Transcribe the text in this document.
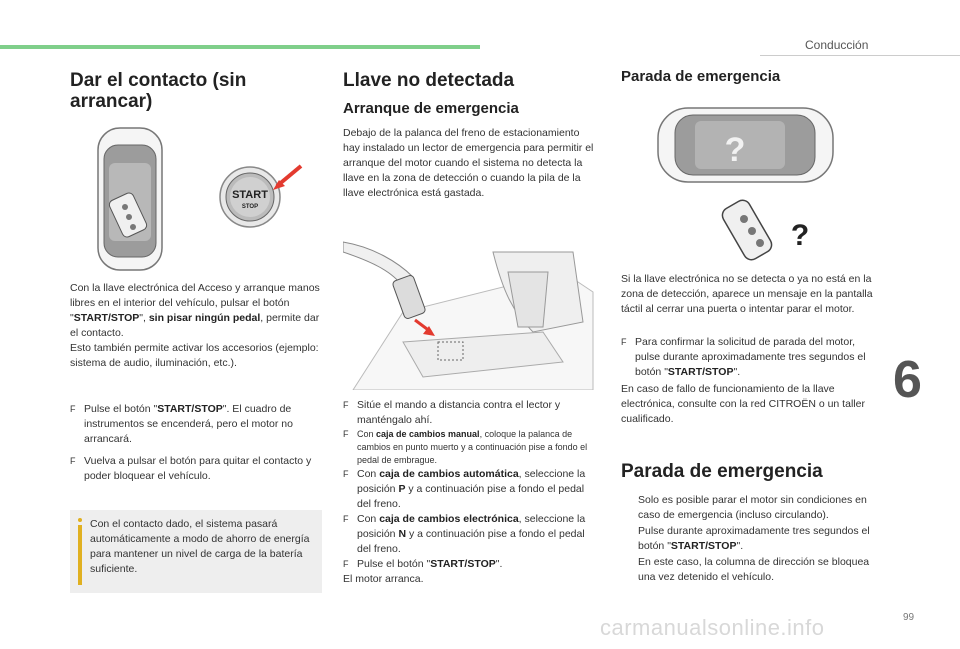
Conducción
6
99
carmanualsonline.info
Dar el contacto (sin arrancar)
START
STOP
Con la llave electrónica del Acceso y arranque manos libres en el interior del vehículo, pulsar el botón "START/STOP", sin pisar ningún pedal, permite dar el contacto.
Esto también permite activar los accesorios (ejemplo: sistema de audio, iluminación, etc.).
F Pulse el botón "START/STOP". El cuadro de instrumentos se encenderá, pero el motor no arrancará.
F Vuelva a pulsar el botón para quitar el contacto y poder bloquear el vehículo.
Con el contacto dado, el sistema pasará automáticamente a modo de ahorro de energía para mantener un nivel de carga de la batería suficiente.
Llave no detectada
Arranque de emergencia
Debajo de la palanca del freno de estacionamiento hay instalado un lector de emergencia para permitir el arranque del motor cuando el sistema no detecta la llave en la zona de detección o cuando la pila de la llave electrónica está gastada.
F Sitúe el mando a distancia contra el lector y manténgalo ahí.
F Con caja de cambios manual, coloque la palanca de cambios en punto muerto y a continuación pise a fondo el pedal de embrague.
F Con caja de cambios automática, seleccione la posición P y a continuación pise a fondo el pedal del freno.
F Con caja de cambios electrónica, seleccione la posición N y a continuación pise a fondo el pedal del freno.
F Pulse el botón "START/STOP".
El motor arranca.
Parada de emergencia
?
?
Si la llave electrónica no se detecta o ya no está en la zona de detección, aparece un mensaje en la pantalla táctil al cerrar una puerta o intentar parar el motor.
F Para confirmar la solicitud de parada del motor, pulse durante aproximadamente tres segundos el botón "START/STOP".
En caso de fallo de funcionamiento de la llave electrónica, consulte con la red CITROËN o un taller cualificado.
Parada de emergencia
Solo es posible parar el motor sin condiciones en caso de emergencia (incluso circulando).
Pulse durante aproximadamente tres segundos el botón "START/STOP".
En este caso, la columna de dirección se bloquea una vez detenido el vehículo.
